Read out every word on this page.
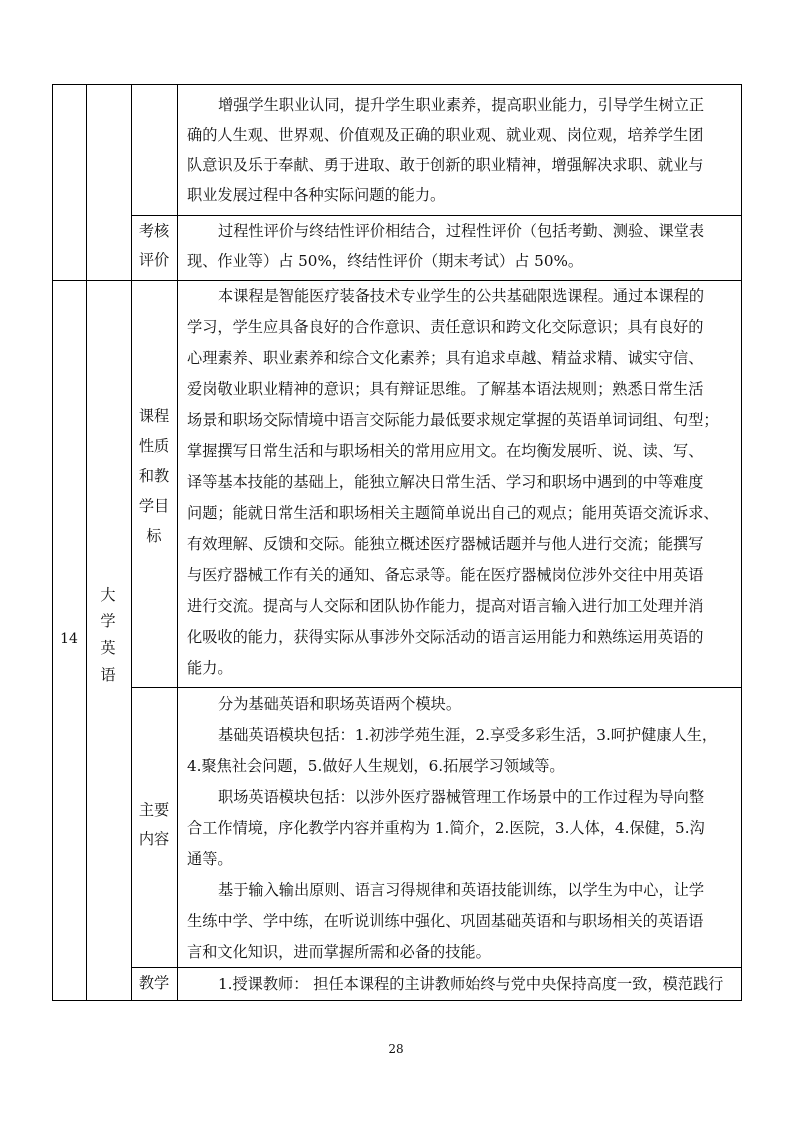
增强学生职业认同，提升学生职业素养，提高职业能力，引导学生树立正
确的人生观、世界观、价值观及正确的职业观、就业观、岗位观，培养学生团
队意识及乐于奉献、勇于进取、敢于创新的职业精神，增强解决求职、就业与
职业发展过程中各种实际问题的能力。
考核
评价
过程性评价与终结性评价相结合，过程性评价（包括考勤、测验、课堂表
现、作业等）占 50%，终结性评价（期末考试）占 50%。
14
大
学
英
语
课程
性质
和教
学目
标
本课程是智能医疗装备技术专业学生的公共基础限选课程。通过本课程的
学习，学生应具备良好的合作意识、责任意识和跨文化交际意识；具有良好的
心理素养、职业素养和综合文化素养；具有追求卓越、精益求精、诚实守信、
爱岗敬业职业精神的意识；具有辩证思维。了解基本语法规则；熟悉日常生活
场景和职场交际情境中语言交际能力最低要求规定掌握的英语单词词组、句型；
掌握撰写日常生活和与职场相关的常用应用文。在均衡发展听、说、读、写、
译等基本技能的基础上，能独立解决日常生活、学习和职场中遇到的中等难度
问题；能就日常生活和职场相关主题简单说出自己的观点；能用英语交流诉求、
有效理解、反馈和交际。能独立概述医疗器械话题并与他人进行交流；能撰写
与医疗器械工作有关的通知、备忘录等。能在医疗器械岗位涉外交往中用英语
进行交流。提高与人交际和团队协作能力，提高对语言输入进行加工处理并消
化吸收的能力，获得实际从事涉外交际活动的语言运用能力和熟练运用英语的
能力。
主要
内容
分为基础英语和职场英语两个模块。
基础英语模块包括：1.初涉学苑生涯，2.享受多彩生活，3.呵护健康人生，
4.聚焦社会问题，5.做好人生规划，6.拓展学习领域等。
职场英语模块包括：以涉外医疗器械管理工作场景中的工作过程为导向整
合工作情境，序化教学内容并重构为 1.简介，2.医院，3.人体，4.保健，5.沟
通等。
基于输入输出原则、语言习得规律和英语技能训练，以学生为中心，让学
生练中学、学中练，在听说训练中强化、巩固基础英语和与职场相关的英语语
言和文化知识，进而掌握所需和必备的技能。
教学	1.授课教师： 担任本课程的主讲教师始终与党中央保持高度一致，模范践行
28
